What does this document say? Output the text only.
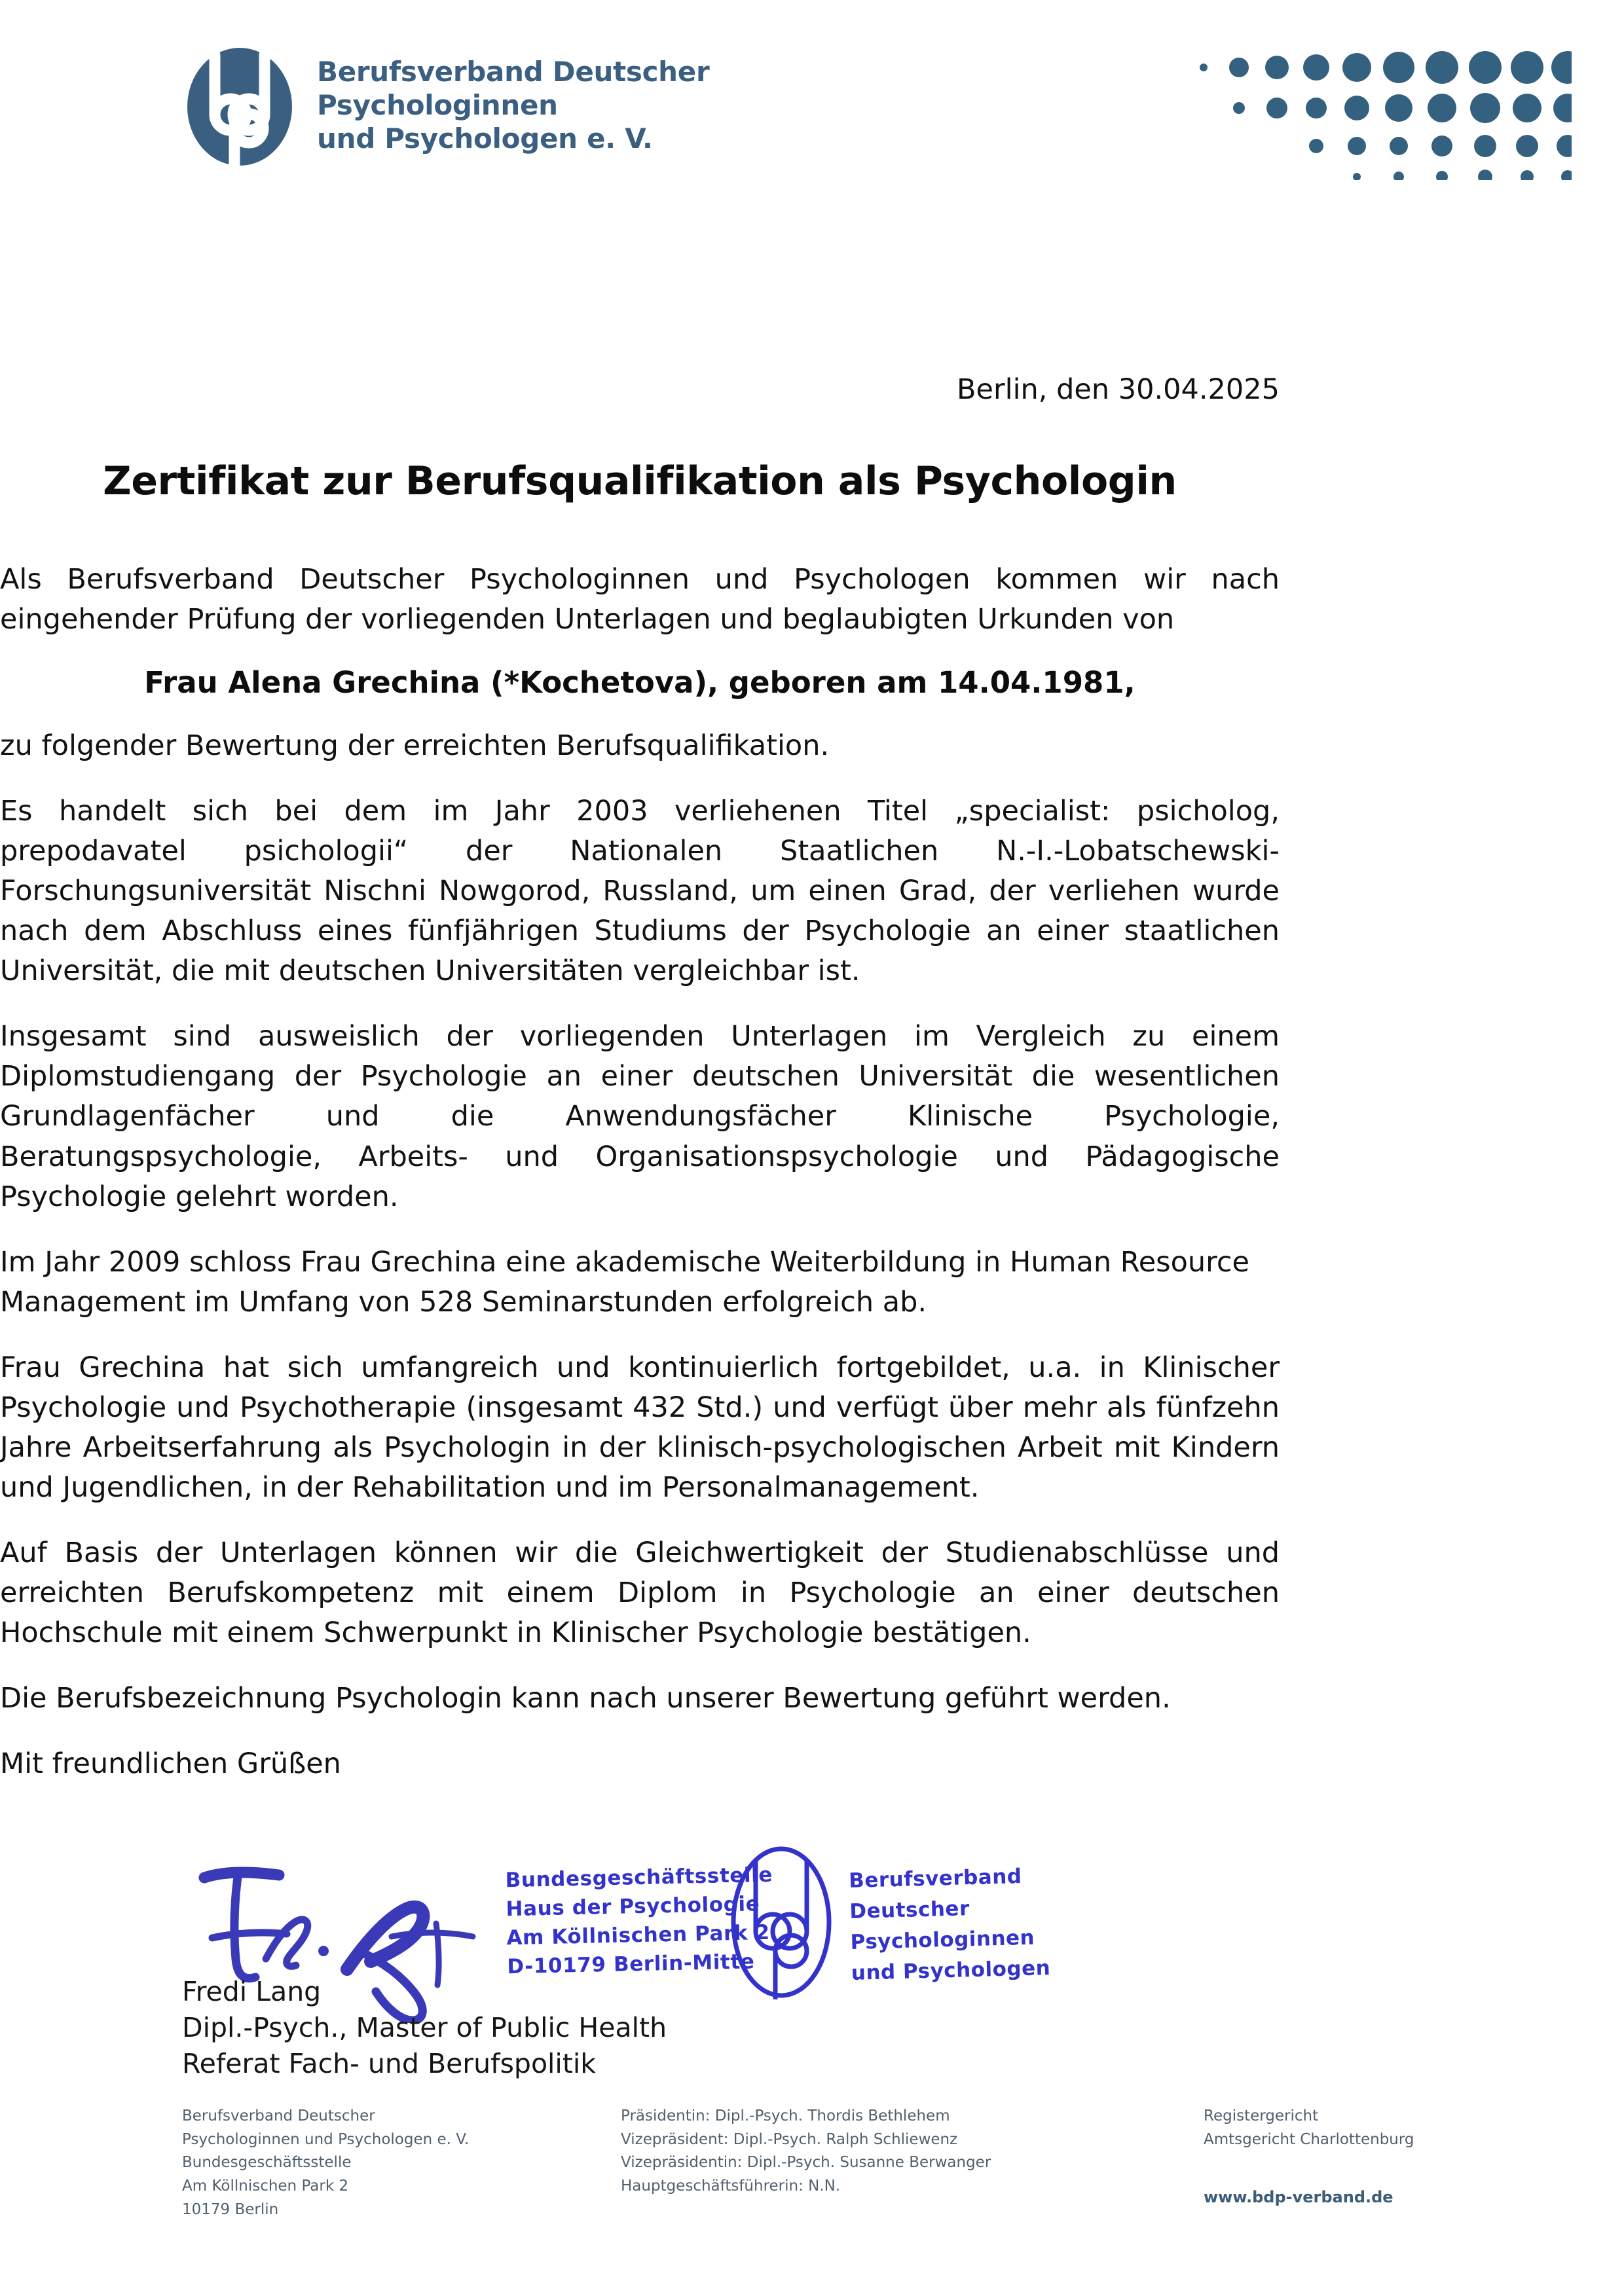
Berufsverband Deutscher
Psychologinnen
und Psychologen e. V.
Berlin, den 30.04.2025
Zertifikat zur Berufsqualifikation als Psychologin

Als Berufsverband Deutscher Psychologinnen und Psychologen kommen wir nach eingehender Prüfung der vorliegenden Unterlagen und beglaubigten Urkunden von

Frau Alena Grechina (*Kochetova), geboren am 14.04.1981,

zu folgender Bewertung der erreichten Berufsqualifikation.

Es handelt sich bei dem im Jahr 2003 verliehenen Titel „specialist: psicholog, prepodavatel psichologii“ der Nationalen Staatlichen N.-I.-Lobatschewski-Forschungsuniversität Nischni Nowgorod, Russland, um einen Grad, der verliehen wurde nach dem Abschluss eines fünfjährigen Studiums der Psychologie an einer staatlichen Universität, die mit deutschen Universitäten vergleichbar ist.

Insgesamt sind ausweislich der vorliegenden Unterlagen im Vergleich zu einem Diplomstudiengang der Psychologie an einer deutschen Universität die wesentlichen Grundlagenfächer und die Anwendungsfächer Klinische Psychologie, Beratungspsychologie, Arbeits- und Organisationspsychologie und Pädagogische Psychologie gelehrt worden.

Im Jahr 2009 schloss Frau Grechina eine akademische Weiterbildung in Human Resource Management im Umfang von 528 Seminarstunden erfolgreich ab.

Frau Grechina hat sich umfangreich und kontinuierlich fortgebildet, u.a. in Klinischer Psychologie und Psychotherapie (insgesamt 432 Std.) und verfügt über mehr als fünfzehn Jahre Arbeitserfahrung als Psychologin in der klinisch-psychologischen Arbeit mit Kindern und Jugendlichen, in der Rehabilitation und im Personalmanagement.

Auf Basis der Unterlagen können wir die Gleichwertigkeit der Studienabschlüsse und erreichten Berufskompetenz mit einem Diplom in Psychologie an einer deutschen Hochschule mit einem Schwerpunkt in Klinischer Psychologie bestätigen.

Die Berufsbezeichnung Psychologin kann nach unserer Bewertung geführt werden.

Mit freundlichen Grüßen

Bundesgeschäftsstelle
Haus der Psychologie
Am Köllnischen Park 2
D-10179 Berlin-Mitte
Berufsverband
Deutscher
Psychologinnen
und Psychologen
Fredi Lang
Dipl.-Psych., Master of Public Health
Referat Fach- und Berufspolitik
Berufsverband Deutscher
Psychologinnen und Psychologen e. V.
Bundesgeschäftsstelle
Am Köllnischen Park 2
10179 Berlin
Präsidentin: Dipl.-Psych. Thordis Bethlehem
Vizepräsident: Dipl.-Psych. Ralph Schliewenz
Vizepräsidentin: Dipl.-Psych. Susanne Berwanger
Hauptgeschäftsführerin: N.N.
Registergericht
Amtsgericht Charlottenburg
www.bdp-verband.de
